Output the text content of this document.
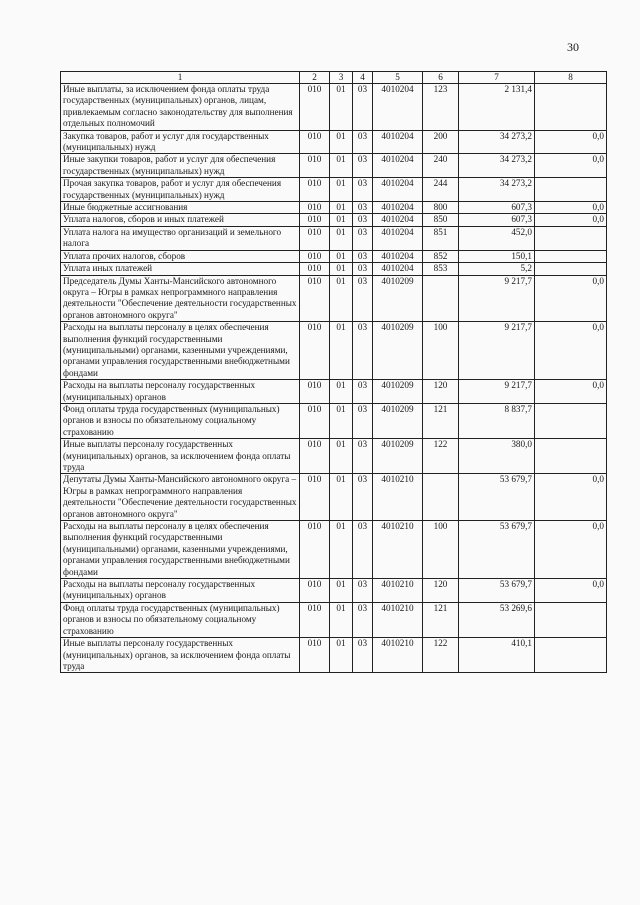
30
1	2	3	4	5	6	7	8
Иные выплаты, за исключением фонда оплаты труда государственных (муниципальных) органов, лицам, привлекаемым согласно законодательству для выполнения отдельных полномочий	010	01	03	4010204	123	2 131,4	
Закупка товаров, работ и услуг для государственных (муниципальных) нужд	010	01	03	4010204	200	34 273,2	0,0
Иные закупки товаров, работ и услуг для обеспечения государственных (муниципальных) нужд	010	01	03	4010204	240	34 273,2	0,0
Прочая закупка товаров, работ и услуг для обеспечения государственных (муниципальных) нужд	010	01	03	4010204	244	34 273,2	
Иные бюджетные ассигнования	010	01	03	4010204	800	607,3	0,0
Уплата налогов, сборов и иных платежей	010	01	03	4010204	850	607,3	0,0
Уплата налога на имущество организаций и земельного налога	010	01	03	4010204	851	452,0	
Уплата прочих налогов, сборов	010	01	03	4010204	852	150,1	
Уплата иных платежей	010	01	03	4010204	853	5,2	
Председатель Думы Ханты-Мансийского автономного округа – Югры в рамках непрограммного направления деятельности "Обеспечение деятельности государственных органов автономного округа"	010	01	03	4010209		9 217,7	0,0
Расходы на выплаты персоналу в целях обеспечения выполнения функций государственными (муниципальными) органами, казенными учреждениями, органами управления государственными внебюджетными фондами	010	01	03	4010209	100	9 217,7	0,0
Расходы на выплаты персоналу государственных (муниципальных) органов	010	01	03	4010209	120	9 217,7	0,0
Фонд оплаты труда государственных (муниципальных) органов и взносы по обязательному социальному страхованию	010	01	03	4010209	121	8 837,7	
Иные выплаты персоналу государственных (муниципальных) органов, за исключением фонда оплаты труда	010	01	03	4010209	122	380,0	
Депутаты Думы Ханты-Мансийского автономного округа – Югры в рамках непрограммного направления деятельности "Обеспечение деятельности государственных органов автономного округа"	010	01	03	4010210		53 679,7	0,0
Расходы на выплаты персоналу в целях обеспечения выполнения функций государственными (муниципальными) органами, казенными учреждениями, органами управления государственными внебюджетными фондами	010	01	03	4010210	100	53 679,7	0,0
Расходы на выплаты персоналу государственных (муниципальных) органов	010	01	03	4010210	120	53 679,7	0,0
Фонд оплаты труда государственных (муниципальных) органов и взносы по обязательному социальному страхованию	010	01	03	4010210	121	53 269,6	
Иные выплаты персоналу государственных (муниципальных) органов, за исключением фонда оплаты труда	010	01	03	4010210	122	410,1	
